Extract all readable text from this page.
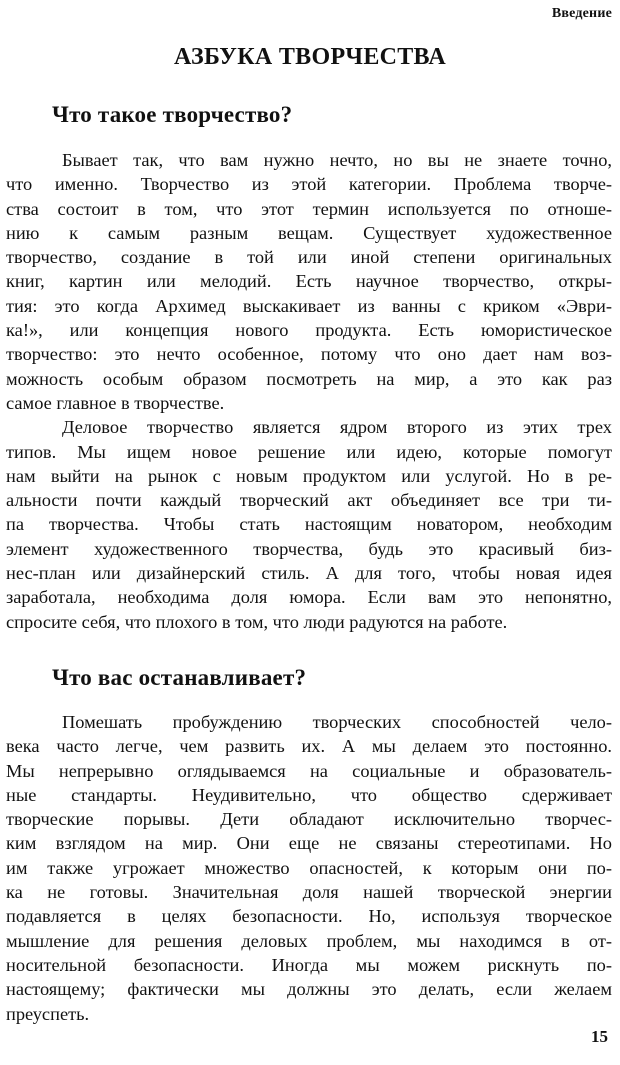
Введение
АЗБУКА ТВОРЧЕСТВА
Что такое творчество?
Бывает так, что вам нужно нечто, но вы не знаете точно,
что именно. Творчество из этой категории. Проблема творче-
ства состоит в том, что этот термин используется по отноше-
нию к самым разным вещам. Существует художественное
творчество, создание в той или иной степени оригинальных
книг, картин или мелодий. Есть научное творчество, откры-
тия: это когда Архимед выскакивает из ванны с криком «Эври-
ка!», или концепция нового продукта. Есть юмористическое
творчество: это нечто особенное, потому что оно дает нам воз-
можность особым образом посмотреть на мир, а это как раз
самое главное в творчестве.
Деловое творчество является ядром второго из этих трех
типов. Мы ищем новое решение или идею, которые помогут
нам выйти на рынок с новым продуктом или услугой. Но в ре-
альности почти каждый творческий акт объединяет все три ти-
па творчества. Чтобы стать настоящим новатором, необходим
элемент художественного творчества, будь это красивый биз-
нес-план или дизайнерский стиль. А для того, чтобы новая идея
заработала, необходима доля юмора. Если вам это непонятно,
спросите себя, что плохого в том, что люди радуются на работе.
Что вас останавливает?
Помешать пробуждению творческих способностей чело-
века часто легче, чем развить их. А мы делаем это постоянно.
Мы непрерывно оглядываемся на социальные и образователь-
ные стандарты. Неудивительно, что общество сдерживает
творческие порывы. Дети обладают исключительно творчес-
ким взглядом на мир. Они еще не связаны стереотипами. Но
им также угрожает множество опасностей, к которым они по-
ка не готовы. Значительная доля нашей творческой энергии
подавляется в целях безопасности. Но, используя творческое
мышление для решения деловых проблем, мы находимся в от-
носительной безопасности. Иногда мы можем рискнуть по-
настоящему; фактически мы должны это делать, если желаем
преуспеть.
15
